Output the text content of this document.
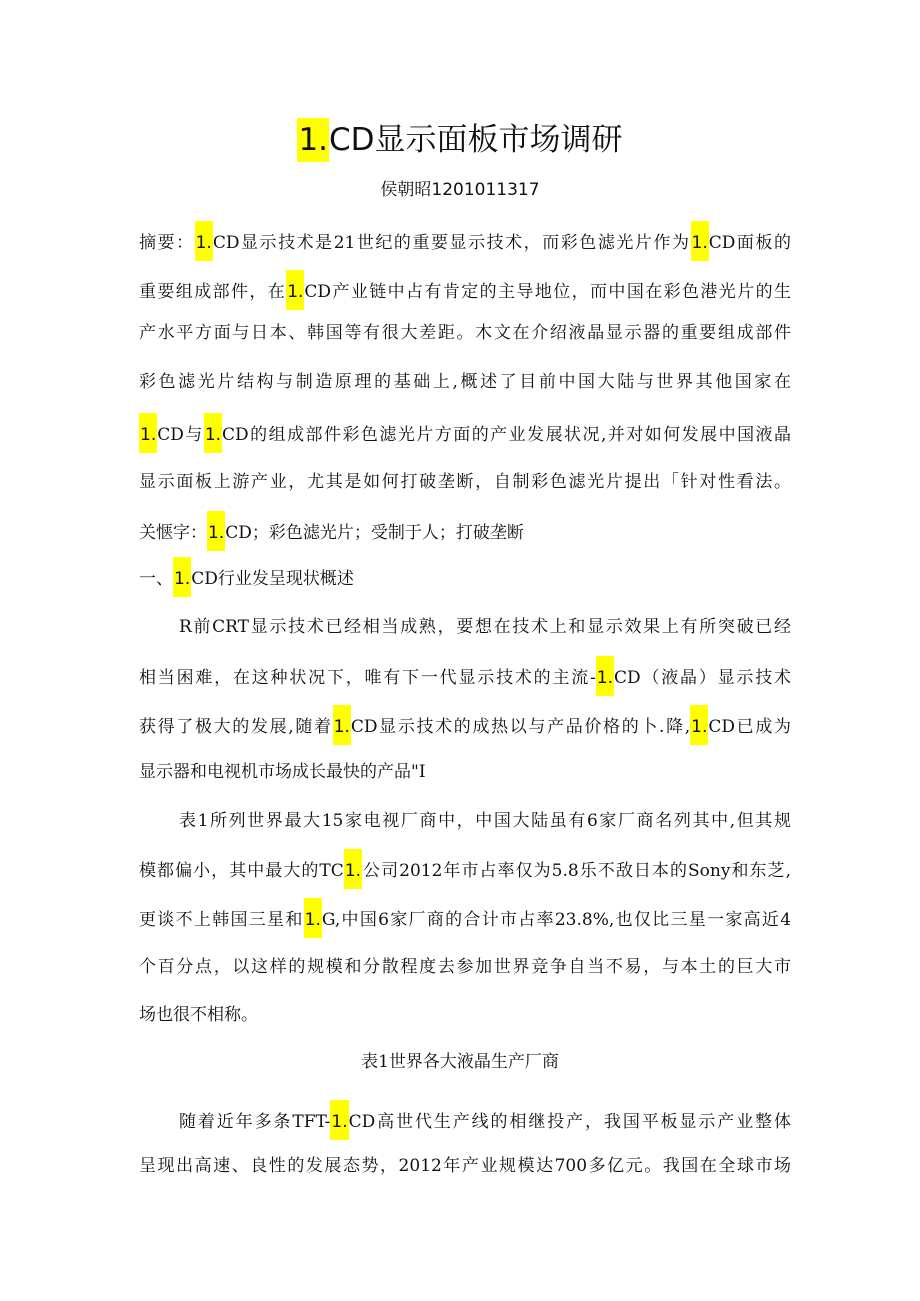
1.CD显示面板市场调研
侯朝昭1201011317
摘要：1.CD显示技术是21世纪的重要显示技术，而彩色滤光片作为1.CD面板的
重要组成部件，在1.CD产业链中占有肯定的主导地位，而中国在彩色港光片的生
产水平方面与日本、韩国等有很大差距。木文在介绍液晶显示器的重要组成部件
彩色滤光片结构与制造原理的基础上,概述了目前中国大陆与世界其他国家在
1.CD与1.CD的组成部件彩色滤光片方面的产业发展状况,并对如何发展中国液晶
显示面板上游产业，尤其是如何打破垄断，自制彩色滤光片提出「针对性看法。
关惬字：1.CD；彩色滤光片；受制于人；打破垄断
一、1.CD行业发呈现状概述
R前CRT显示技术已经相当成熟，要想在技术上和显示效果上有所突破已经
相当困难，在这种状况下，唯有下一代显示技术的主流-1.CD（液晶）显示技术
获得了极大的发展,随着1.CD显示技术的成热以与产品价格的卜.降,1.CD已成为
显示器和电视机市场成长最快的产品"I
表1所列世界最大15家电视厂商中，中国大陆虽有6家厂商名列其中,但其规
模都偏小，其中最大的TC1.公司2012年市占率仅为5.8乐不敌日本的Sony和东芝,
更谈不上韩国三星和1.G,中国6家厂商的合计市占率23.8%,也仅比三星一家高近4
个百分点，以这样的规模和分散程度去参加世界竞争自当不易，与本土的巨大市
场也很不相称。
表1世界各大液晶生产厂商
随着近年多条TFT-1.CD高世代生产线的相继投产，我国平板显示产业整体
呈现出高速、良性的发展态势，2012年产业规模达700多亿元。我国在全球市场
